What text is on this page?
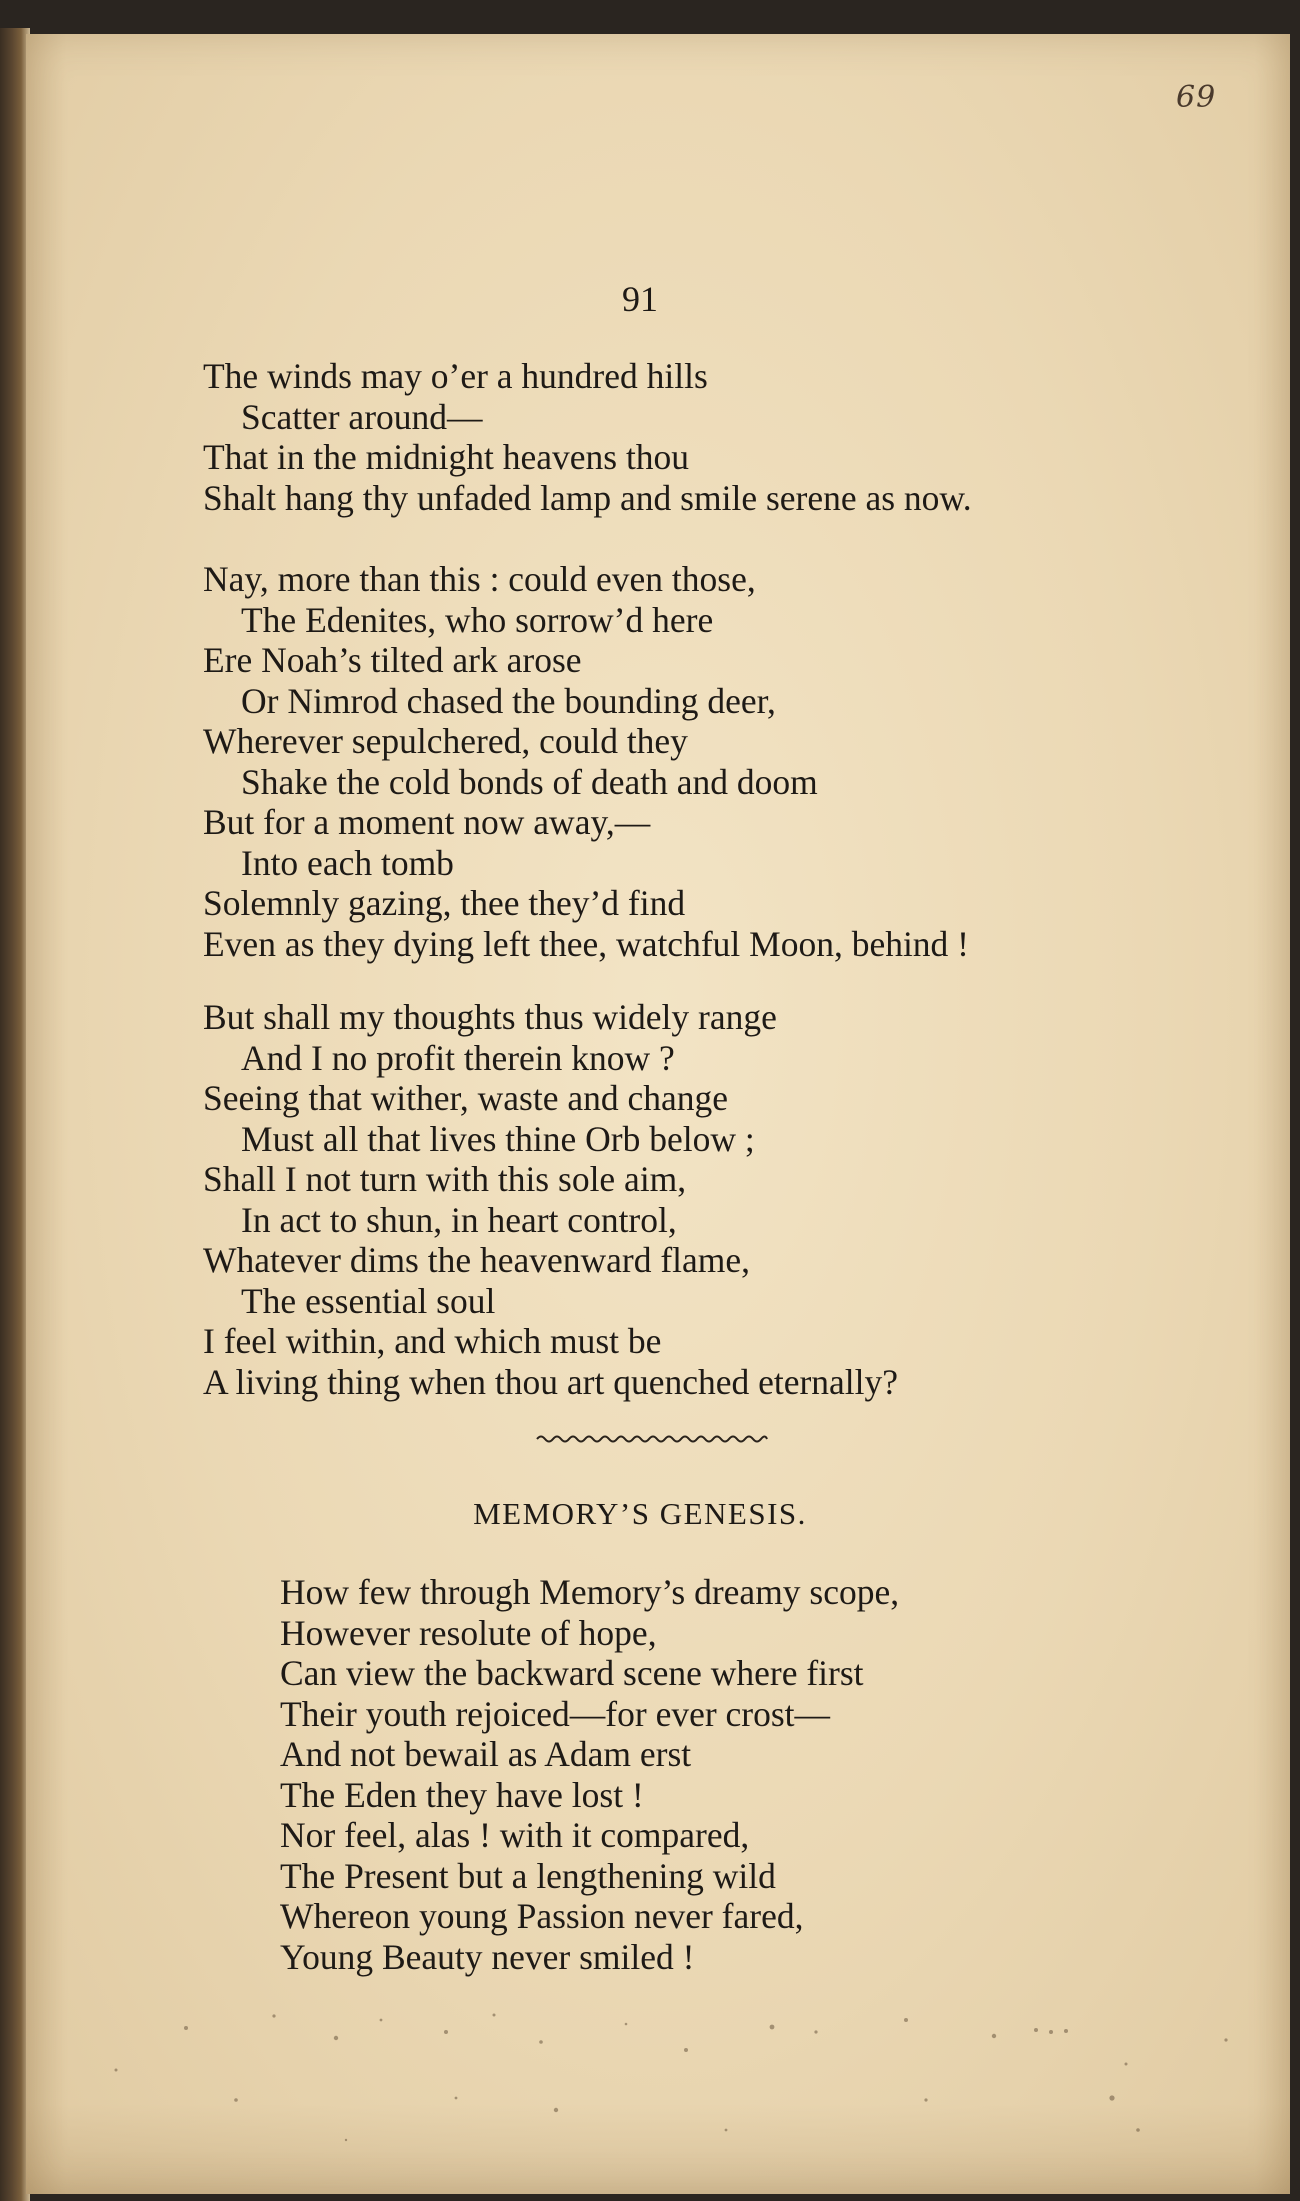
69
91
The winds may o’er a hundred hills
Scatter around—
That in the midnight heavens thou
Shalt hang thy unfaded lamp and smile serene as now.
Nay, more than this : could even those,
The Edenites, who sorrow’d here
Ere Noah’s tilted ark arose
Or Nimrod chased the bounding deer,
Wherever sepulchered, could they
Shake the cold bonds of death and doom
But for a moment now away,—
Into each tomb
Solemnly gazing, thee they’d find
Even as they dying left thee, watchful Moon, behind !
But shall my thoughts thus widely range
And I no profit therein know ?
Seeing that wither, waste and change
Must all that lives thine Orb below ;
Shall I not turn with this sole aim,
In act to shun, in heart control,
Whatever dims the heavenward flame,
The essential soul
I feel within, and which must be
A living thing when thou art quenched eternally?
MEMORY’S GENESIS.
How few through Memory’s dreamy scope,
However resolute of hope,
Can view the backward scene where first
Their youth rejoiced—for ever crost—
And not bewail as Adam erst
The Eden they have lost !
Nor feel, alas ! with it compared,
The Present but a lengthening wild
Whereon young Passion never fared,
Young Beauty never smiled !
